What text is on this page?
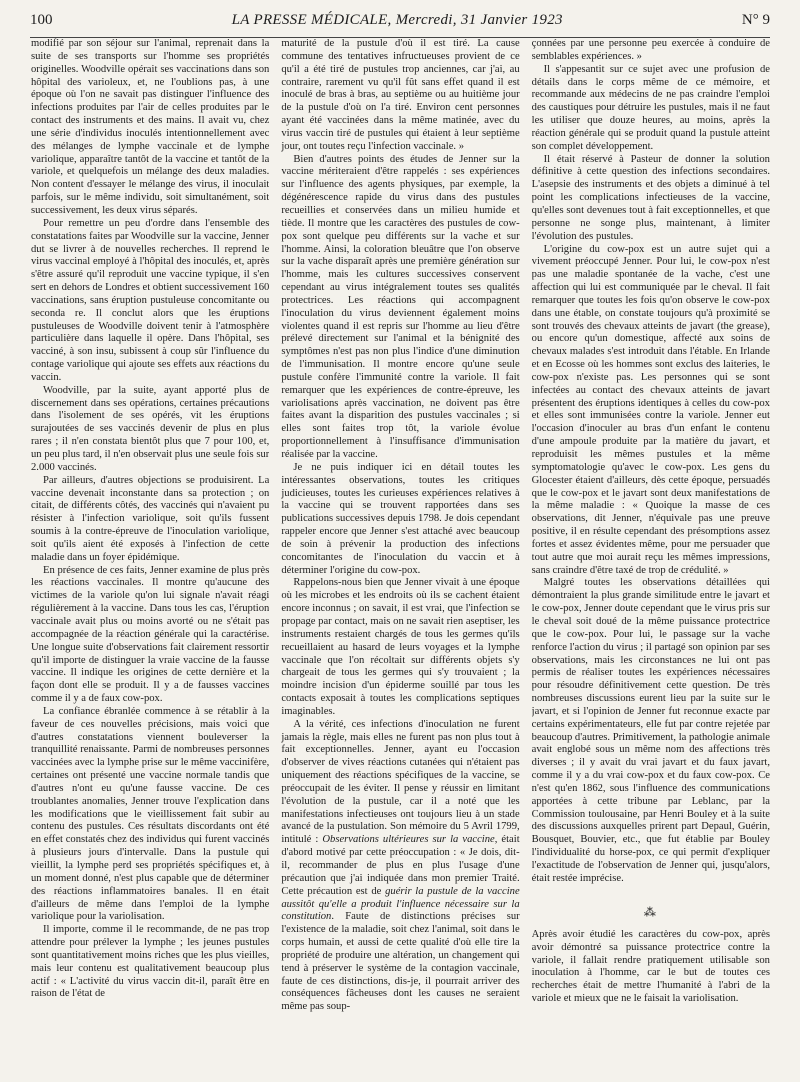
100	LA PRESSE MÉDICALE, Mercredi, 31 Janvier 1923	N° 9

modifié par son séjour sur l'animal, reprenait dans la suite de ses transports sur l'homme ses propriétés originelles. Woodville opérait ses vaccinations dans son hôpital des varioleux, et, ne l'oublions pas, à une époque où l'on ne savait pas distinguer l'influence des infections produites par l'air de celles produites par le contact des instruments et des mains. Il avait vu, chez une série d'individus inoculés intentionnellement avec des mélanges de lymphe vaccinale et de lymphe variolique, apparaître tantôt de la vaccine et tantôt de la variole, et quelquefois un mélange des deux maladies. Non content d'essayer le mélange des virus, il inoculait parfois, sur le même individu, soit simultanément, soit successivement, les deux virus séparés.

Pour remettre un peu d'ordre dans l'ensemble des constatations faites par Woodville sur la vaccine, Jenner dut se livrer à de nouvelles recherches. Il reprend le virus vaccinal employé à l'hôpital des inoculés, et, après s'être assuré qu'il reproduit une vaccine typique, il s'en sert en dehors de Londres et obtient successivement 160 vaccinations, sans éruption pustuleuse concomitante ou seconda re. Il conclut alors que les éruptions pustuleuses de Woodville doivent tenir à l'atmosphère particulière dans laquelle il opère. Dans l'hôpital, ses vacciné, à son insu, subissent à coup sûr l'influence du contage variolique qui ajoute ses effets aux réactions du vaccin.

Woodville, par la suite, ayant apporté plus de discernement dans ses opérations, certaines précautions dans l'isolement de ses opérés, vit les éruptions surajoutées de ses vaccinés devenir de plus en plus rares ; il n'en constata bientôt plus que 7 pour 100, et, un peu plus tard, il n'en observait plus une seule fois sur 2.000 vaccinés.

Par ailleurs, d'autres objections se produisirent. La vaccine devenait inconstante dans sa protection ; on citait, de différents côtés, des vaccinés qui n'avaient pu résister à l'infection variolique, soit qu'ils fussent soumis à la contre-épreuve de l'inoculation variolique, soit qu'ils aient été exposés à l'infection de cette maladie dans un foyer épidémique.

En présence de ces faits, Jenner examine de plus près les réactions vaccinales. Il montre qu'aucune des victimes de la variole qu'on lui signale n'avait réagi régulièrement à la vaccine. Dans tous les cas, l'éruption vaccinale avait plus ou moins avorté ou ne s'était pas accompagnée de la réaction générale qui la caractérise. Une longue suite d'observations fait clairement ressortir qu'il importe de distinguer la vraie vaccine de la fausse vaccine. Il indique les origines de cette dernière et la façon dont elle se produit. Il y a de fausses vaccines comme il y a de faux cow-pox.

La confiance ébranlée commence à se rétablir à la faveur de ces nouvelles précisions, mais voici que d'autres constatations viennent bouleverser la tranquillité renaissante. Parmi de nombreuses personnes vaccinées avec la lymphe prise sur le même vaccinifère, certaines ont présenté une vaccine normale tandis que d'autres n'ont eu qu'une fausse vaccine. De ces troublantes anomalies, Jenner trouve l'explication dans les modifications que le vieillissement fait subir au contenu des pustules. Ces résultats discordants ont été en effet constatés chez des individus qui furent vaccinés à plusieurs jours d'intervalle. Dans la pustule qui vieillit, la lymphe perd ses propriétés spécifiques et, à un moment donné, n'est plus capable que de déterminer des réactions inflammatoires banales. Il en était d'ailleurs de même dans l'emploi de la lymphe variolique pour la variolisation.

Il importe, comme il le recommande, de ne pas trop attendre pour prélever la lymphe ; les jeunes pustules sont quantitativement moins riches que les plus vieilles, mais leur contenu est qualitativement beaucoup plus actif : « L'activité du virus vaccin dit-il, paraît être en raison de l'état de

maturité de la pustule d'où il est tiré. La cause commune des tentatives infructueuses provient de ce qu'il a été tiré de pustules trop anciennes, car j'ai, au contraire, rarement vu qu'il fût sans effet quand il est inoculé de bras à bras, au septième ou au huitième jour de la pustule d'où on l'a tiré. Environ cent personnes ayant été vaccinées dans la même matinée, avec du virus vaccin tiré de pustules qui étaient à leur septième jour, ont toutes reçu l'infection vaccinale. »

Bien d'autres points des études de Jenner sur la vaccine mériteraient d'être rappelés : ses expériences sur l'influence des agents physiques, par exemple, la dégénérescence rapide du virus dans des pustules recueillies et conservées dans un milieu humide et tiède. Il montre que les caractères des pustules de cow-pox sont quelque peu différents sur la vache et sur l'homme. Ainsi, la coloration bleuâtre que l'on observe sur la vache disparaît après une première génération sur l'homme, mais les cultures successives conservent cependant au virus intégralement toutes ses qualités protectrices. Les réactions qui accompagnent l'inoculation du virus deviennent également moins violentes quand il est repris sur l'homme au lieu d'être prélevé directement sur l'animal et la bénignité des symptômes n'est pas non plus l'indice d'une diminution de l'immunisation. Il montre encore qu'une seule pustule confère l'immunité contre la variole. Il fait remarquer que les expériences de contre-épreuve, les variolisations après vaccination, ne doivent pas être faites avant la disparition des pustules vaccinales ; si elles sont faites trop tôt, la variole évolue proportionnellement à l'insuffisance d'immunisation réalisée par la vaccine.

Je ne puis indiquer ici en détail toutes les intéressantes observations, toutes les critiques judicieuses, toutes les curieuses expériences relatives à la vaccine qui se trouvent rapportées dans ses publications successives depuis 1798. Je dois cependant rappeler encore que Jenner s'est attaché avec beaucoup de soin à prévenir la production des infections concomitantes de l'inoculation du vaccin et à déterminer l'origine du cow-pox.

Rappelons-nous bien que Jenner vivait à une époque où les microbes et les endroits où ils se cachent étaient encore inconnus ; on savait, il est vrai, que l'infection se propage par contact, mais on ne savait rien aseptiser, les instruments restaient chargés de tous les germes qu'ils recueillaient au hasard de leurs voyages et la lymphe vaccinale que l'on récoltait sur différents objets s'y chargeait de tous les germes qui s'y trouvaient ; la moindre incision d'un épiderme souillé par tous les contacts exposait à toutes les complications septiques imaginables.

A la vérité, ces infections d'inoculation ne furent jamais la règle, mais elles ne furent pas non plus tout à fait exceptionnelles. Jenner, ayant eu l'occasion d'observer de vives réactions cutanées qui n'étaient pas uniquement des réactions spécifiques de la vaccine, se préoccupait de les éviter. Il pense y réussir en limitant l'évolution de la pustule, car il a noté que les manifestations infectieuses ont toujours lieu à un stade avancé de la pustulation. Son mémoire du 5 Avril 1799, intitulé : Observations ultérieures sur la vaccine, était d'abord motivé par cette préoccupation : « Je dois, dit-il, recommander de plus en plus l'usage d'une précaution que j'ai indiquée dans mon premier Traité. Cette précaution est de guérir la pustule de la vaccine aussitôt qu'elle a produit l'influence nécessaire sur la constitution. Faute de distinctions précises sur l'existence de la maladie, soit chez l'animal, soit dans le corps humain, et aussi de cette qualité d'où elle tire la propriété de produire une altération, un changement qui tend à préserver le système de la contagion vaccinale, faute de ces distinctions, dis-je, il pourrait arriver des conséquences fâcheuses dont les causes ne seraient même pas soup-

çonnées par une personne peu exercée à conduire de semblables expériences. »

Il s'appesantit sur ce sujet avec une profusion de détails dans le corps même de ce mémoire, et recommande aux médecins de ne pas craindre l'emploi des caustiques pour détruire les pustules, mais il ne faut les utiliser que douze heures, au moins, après la réaction générale qui se produit quand la pustule atteint son complet développement.

Il était réservé à Pasteur de donner la solution définitive à cette question des infections secondaires. L'asepsie des instruments et des objets a diminué à tel point les complications infectieuses de la vaccine, qu'elles sont devenues tout à fait exceptionnelles, et que personne ne songe plus, maintenant, à limiter l'évolution des pustules.

L'origine du cow-pox est un autre sujet qui a vivement préoccupé Jenner. Pour lui, le cow-pox n'est pas une maladie spontanée de la vache, c'est une affection qui lui est communiquée par le cheval. Il fait remarquer que toutes les fois qu'on observe le cow-pox dans une étable, on constate toujours qu'à proximité se sont trouvés des chevaux atteints de javart (the grease), ou encore qu'un domestique, affecté aux soins de chevaux malades s'est introduit dans l'étable. En Irlande et en Ecosse où les hommes sont exclus des laiteries, le cow-pox n'existe pas. Les personnes qui se sont infectées au contact des chevaux atteints de javart présentent des éruptions identiques à celles du cow-pox et elles sont immunisées contre la variole. Jenner eut l'occasion d'inoculer au bras d'un enfant le contenu d'une ampoule produite par la matière du javart, et reproduisit les mêmes pustules et la même symptomatologie qu'avec le cow-pox. Les gens du Glocester étaient d'ailleurs, dès cette époque, persuadés que le cow-pox et le javart sont deux manifestations de la même maladie : « Quoique la masse de ces observations, dit Jenner, n'équivale pas une preuve positive, il en résulte cependant des présomptions assez fortes et assez évidentes même, pour me persuader que tout autre que moi aurait reçu les mêmes impressions, sans craindre d'être taxé de trop de crédulité. »

Malgré toutes les observations détaillées qui démontraient la plus grande similitude entre le javart et le cow-pox, Jenner doute cependant que le virus pris sur le cheval soit doué de la même puissance protectrice que le cow-pox. Pour lui, le passage sur la vache renforce l'action du virus ; il partagé son opinion par ses observations, mais les circonstances ne lui ont pas permis de réaliser toutes les expériences nécessaires pour résoudre définitivement cette question. De très nombreuses discussions eurent lieu par la suite sur le javart, et si l'opinion de Jenner fut reconnue exacte par certains expérimentateurs, elle fut par contre rejetée par beaucoup d'autres. Primitivement, la pathologie animale avait englobé sous un même nom des affections très diverses ; il y avait du vrai javart et du faux javart, comme il y a du vrai cow-pox et du faux cow-pox. Ce n'est qu'en 1862, sous l'influence des communications apportées à cette tribune par Leblanc, par la Commission toulousaine, par Henri Bouley et à la suite des discussions auxquelles prirent part Depaul, Guérin, Bousquet, Bouvier, etc., que fut établie par Bouley l'individualité du horse-pox, ce qui permit d'expliquer l'exactitude de l'observation de Jenner qui, jusqu'alors, était restée imprécise.

⁂

Après avoir étudié les caractères du cow-pox, après avoir démontré sa puissance protectrice contre la variole, il fallait rendre pratiquement utilisable son inoculation à l'homme, car le but de toutes ces recherches était de mettre l'humanité à l'abri de la variole et mieux que ne le faisait la variolisation.
